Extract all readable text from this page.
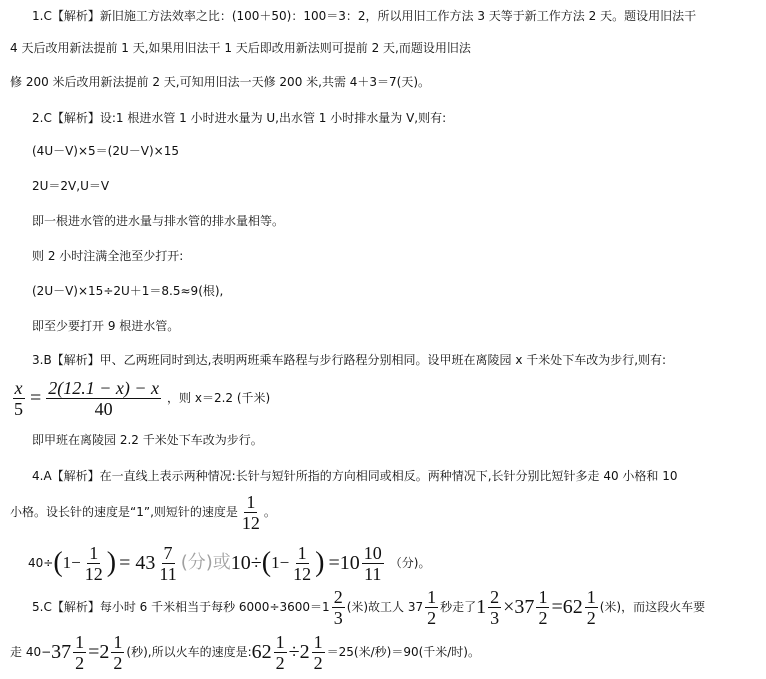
1.C【解析】新旧施工方法效率之比：(100＋50)：100＝3：2，所以用旧工作方法 3 天等于新工作方法 2 天。题设用旧法干
4 天后改用新法提前 1 天,如果用旧法干 1 天后即改用新法则可提前 2 天,而题设用旧法
修 200 米后改用新法提前 2 天,可知用旧法一天修 200 米,共需 4＋3＝7(天)。
2.C【解析】设:1 根进水管 1 小时进水量为 U,出水管 1 小时排水量为 V,则有:
(4U－V)×5＝(2U－V)×15
2U＝2V,U＝V
即一根进水管的进水量与排水管的排水量相等。
则 2 小时注满全池至少打开:
(2U－V)×15÷2U＋1＝8.5≈9(根),
即至少要打开 9 根进水管。
3.B【解析】甲、乙两班同时到达,表明两班乘车路程与步行路程分别相同。设甲班在离陵园 x 千米处下车改为步行,则有:
$\frac{x}{5} = \frac{2(12.1 - x) - x}{40}$ ，则 x＝2.2 (千米)
即甲班在离陵园 2.2 千米处下车改为步行。
4.A【解析】在一直线上表示两种情况:长针与短针所指的方向相同或相反。两种情况下,长针分别比短针多走 40 小格和 10
小格。设长针的速度是“1”,则短针的速度是 $\frac{1}{12}$ 。
40÷ ( $1- \frac{1}{12}$ ) = $43 \frac{7}{11}$ (分)或 10÷ ( $1- \frac{1}{12}$ ) $=10 \frac{10}{11}$ （分)。
5.C【解析】每小时 6 千米相当于每秒 $6000\div 3600=1 \frac{2}{3}$ (米)故工人 $37 \frac{1}{2}$ 秒走了 $1 \frac{2}{3} \times 37 \frac{1}{2} =62 \frac{1}{2}$ (米)，而这段火车要
走 $40- 37 \frac{1}{2} =2 \frac{1}{2}$ (秒),所以火车的速度是: $62 \frac{1}{2} \div 2 \frac{1}{2} =25$(米/秒)＝90(千米/时)。
